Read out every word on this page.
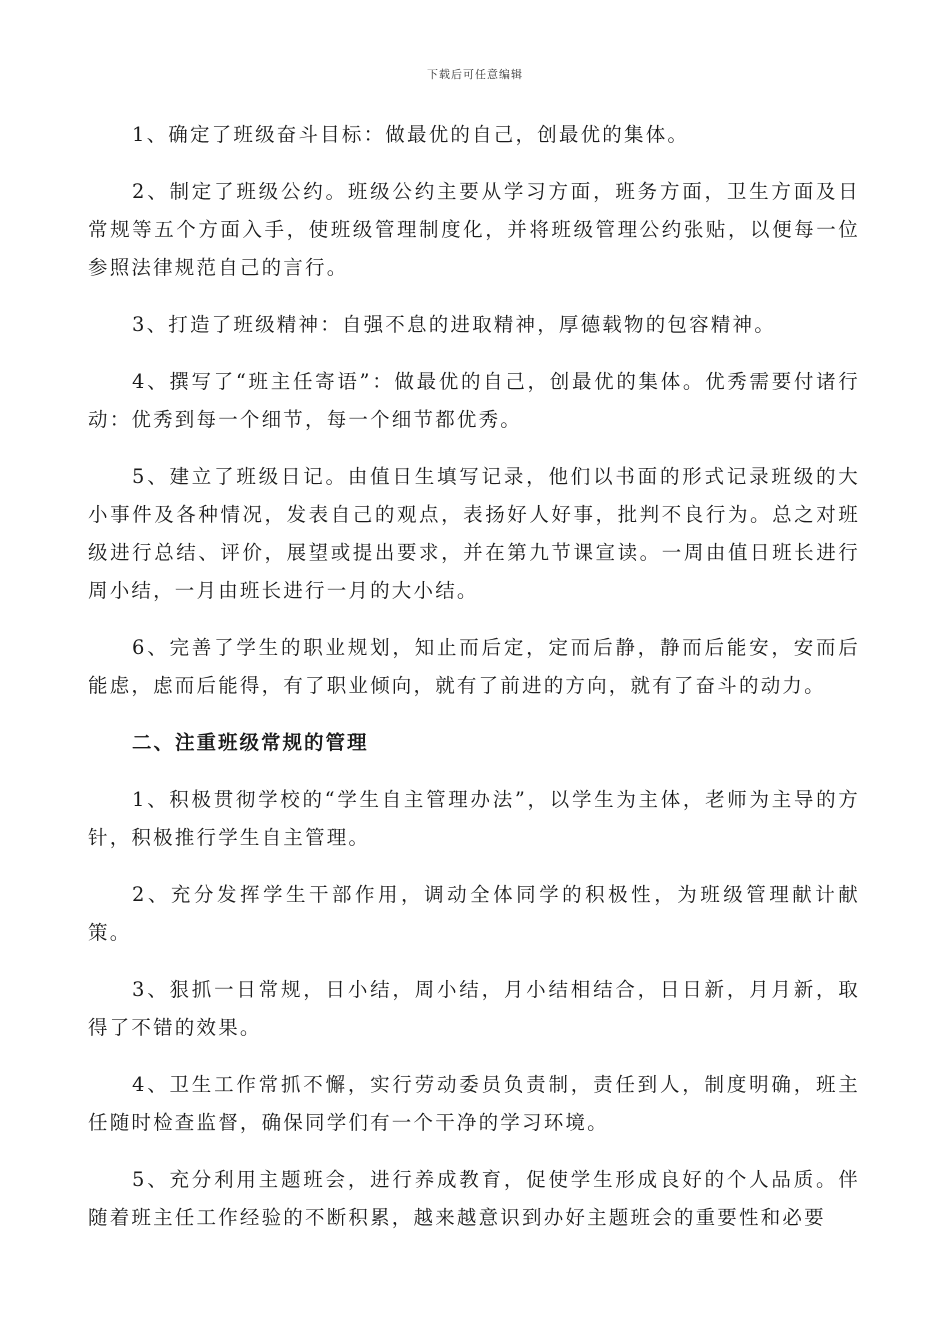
下载后可任意编辑

1、确定了班级奋斗目标：做最优的自己，创最优的集体。

2、制定了班级公约。班级公约主要从学习方面，班务方面，卫生方面及日常规等五个方面入手，使班级管理制度化，并将班级管理公约张贴，以便每一位参照法律规范自己的言行。

3、打造了班级精神：自强不息的进取精神，厚德载物的包容精神。

4、撰写了“班主任寄语”：做最优的自己，创最优的集体。优秀需要付诸行动：优秀到每一个细节，每一个细节都优秀。

5、建立了班级日记。由值日生填写记录，他们以书面的形式记录班级的大小事件及各种情况，发表自己的观点，表扬好人好事，批判不良行为。总之对班级进行总结、评价，展望或提出要求，并在第九节课宣读。一周由值日班长进行周小结，一月由班长进行一月的大小结。

6、完善了学生的职业规划，知止而后定，定而后静，静而后能安，安而后能虑，虑而后能得，有了职业倾向，就有了前进的方向，就有了奋斗的动力。

二、注重班级常规的管理

1、积极贯彻学校的“学生自主管理办法”，以学生为主体，老师为主导的方针，积极推行学生自主管理。

2、充分发挥学生干部作用，调动全体同学的积极性，为班级管理献计献策。

3、狠抓一日常规，日小结，周小结，月小结相结合，日日新，月月新，取得了不错的效果。

4、卫生工作常抓不懈，实行劳动委员负责制，责任到人，制度明确，班主任随时检查监督，确保同学们有一个干净的学习环境。

5、充分利用主题班会，进行养成教育，促使学生形成良好的个人品质。伴随着班主任工作经验的不断积累，越来越意识到办好主题班会的重要性和必要
